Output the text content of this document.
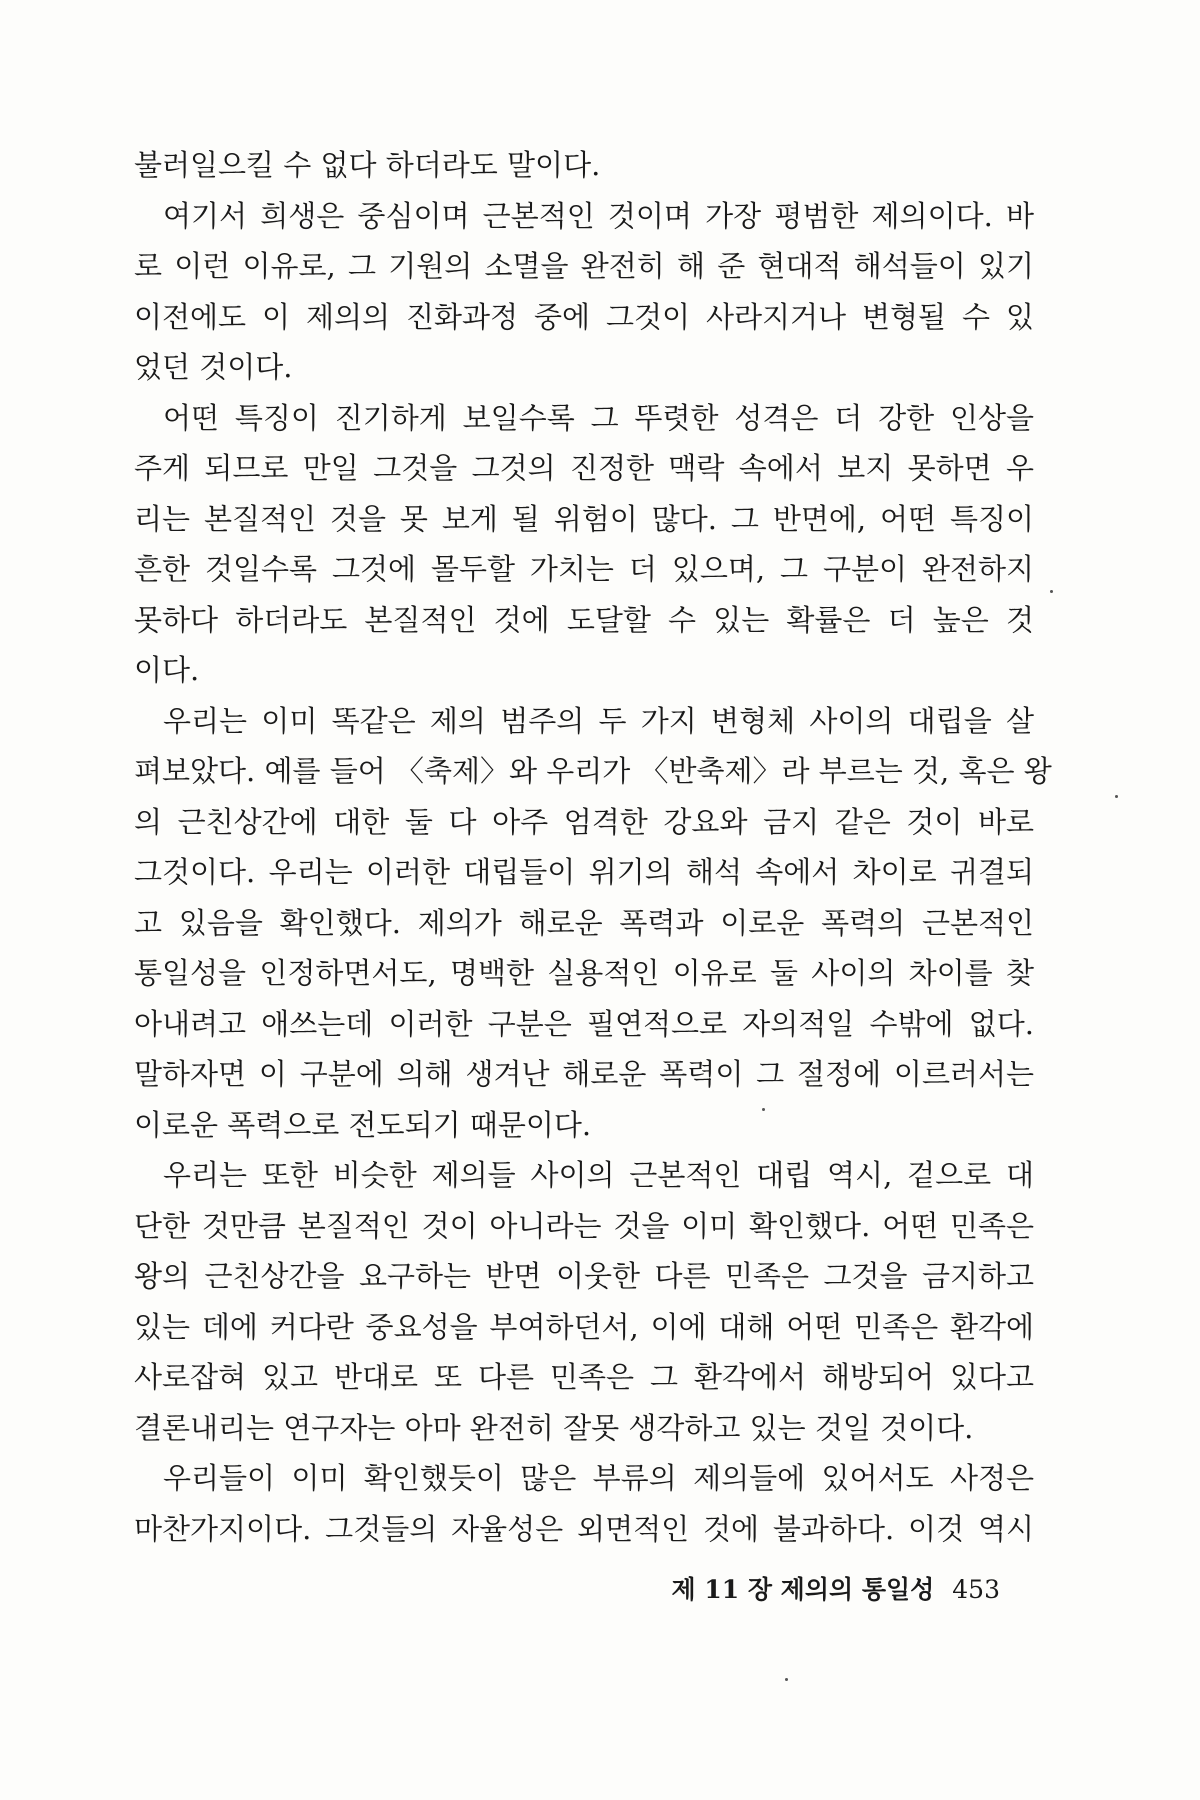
불러일으킬 수 없다 하더라도 말이다.
여기서 희생은 중심이며 근본적인 것이며 가장 평범한 제의이다. 바
로 이런 이유로, 그 기원의 소멸을 완전히 해 준 현대적 해석들이 있기
이전에도 이 제의의 진화과정 중에 그것이 사라지거나 변형될 수 있
었던 것이다.
어떤 특징이 진기하게 보일수록 그 뚜렷한 성격은 더 강한 인상을
주게 되므로 만일 그것을 그것의 진정한 맥락 속에서 보지 못하면 우
리는 본질적인 것을 못 보게 될 위험이 많다. 그 반면에, 어떤 특징이
흔한 것일수록 그것에 몰두할 가치는 더 있으며, 그 구분이 완전하지
못하다 하더라도 본질적인 것에 도달할 수 있는 확률은 더 높은 것
이다.
우리는 이미 똑같은 제의 범주의 두 가지 변형체 사이의 대립을 살
펴보았다. 예를 들어 〈축제〉와 우리가 〈반축제〉라 부르는 것, 혹은 왕
의 근친상간에 대한 둘 다 아주 엄격한 강요와 금지 같은 것이 바로
그것이다. 우리는 이러한 대립들이 위기의 해석 속에서 차이로 귀결되
고 있음을 확인했다. 제의가 해로운 폭력과 이로운 폭력의 근본적인
통일성을 인정하면서도, 명백한 실용적인 이유로 둘 사이의 차이를 찾
아내려고 애쓰는데 이러한 구분은 필연적으로 자의적일 수밖에 없다.
말하자면 이 구분에 의해 생겨난 해로운 폭력이 그 절정에 이르러서는
이로운 폭력으로 전도되기 때문이다.
우리는 또한 비슷한 제의들 사이의 근본적인 대립 역시, 겉으로 대
단한 것만큼 본질적인 것이 아니라는 것을 이미 확인했다. 어떤 민족은
왕의 근친상간을 요구하는 반면 이웃한 다른 민족은 그것을 금지하고
있는 데에 커다란 중요성을 부여하던서, 이에 대해 어떤 민족은 환각에
사로잡혀 있고 반대로 또 다른 민족은 그 환각에서 해방되어 있다고
결론내리는 연구자는 아마 완전히 잘못 생각하고 있는 것일 것이다.
우리들이 이미 확인했듯이 많은 부류의 제의들에 있어서도 사정은
마찬가지이다. 그것들의 자율성은 외면적인 것에 불과하다. 이것 역시
제 11 장 제의의 통일성 453
